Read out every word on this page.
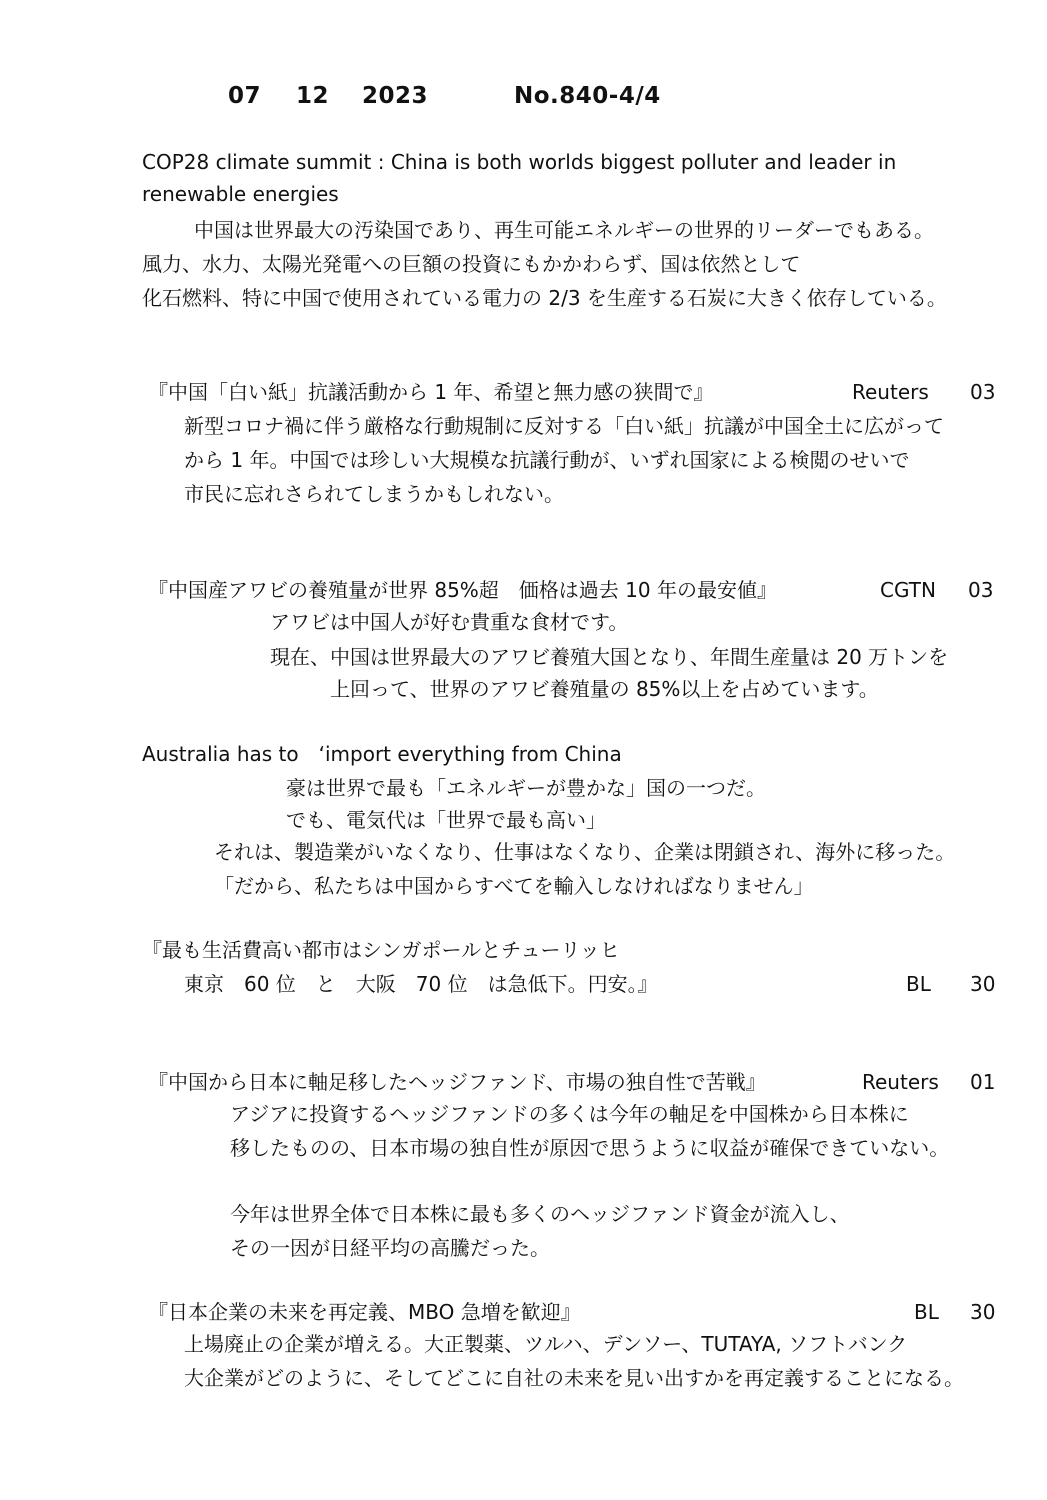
07 12 2023	No.840-4/4
COP28 climate summit : China is both worlds biggest polluter and leader in
renewable energies
中国は世界最大の汚染国であり、再生可能エネルギーの世界的リーダーでもある。
風力、水力、太陽光発電への巨額の投資にもかかわらず、国は依然として
化石燃料、特に中国で使用されている電力の 2/3 を生産する石炭に大きく依存している。
『中国「白い紙」抗議活動から 1 年、希望と無力感の狭間で』	Reuters 03
新型コロナ禍に伴う厳格な行動規制に反対する「白い紙」抗議が中国全土に広がって
から 1 年。中国では珍しい大規模な抗議行動が、いずれ国家による検閲のせいで
市民に忘れさられてしまうかもしれない。
『中国産アワビの養殖量が世界 85%超　価格は過去 10 年の最安値』	CGTN 03
アワビは中国人が好む貴重な食材です。
現在、中国は世界最大のアワビ養殖大国となり、年間生産量は 20 万トンを
上回って、世界のアワビ養殖量の 85%以上を占めています。
Australia has to　‘import everything from China
豪は世界で最も「エネルギーが豊かな」国の一つだ。
でも、電気代は「世界で最も高い」
それは、製造業がいなくなり、仕事はなくなり、企業は閉鎖され、海外に移った。
「だから、私たちは中国からすべてを輸入しなければなりません」
『最も生活費高い都市はシンガポールとチューリッヒ
東京　60 位　と　大阪　70 位　は急低下。円安。』	BL 30
『中国から日本に軸足移したヘッジファンド、市場の独自性で苦戦』	Reuters 01
アジアに投資するヘッジファンドの多くは今年の軸足を中国株から日本株に
移したものの、日本市場の独自性が原因で思うように収益が確保できていない。
今年は世界全体で日本株に最も多くのヘッジファンド資金が流入し、
その一因が日経平均の高騰だった。
『日本企業の未来を再定義、MBO 急増を歓迎』	BL 30
上場廃止の企業が増える。大正製薬、ツルハ、デンソー、TUTAYA, ソフトバンク
大企業がどのように、そしてどこに自社の未来を見い出すかを再定義することになる。
